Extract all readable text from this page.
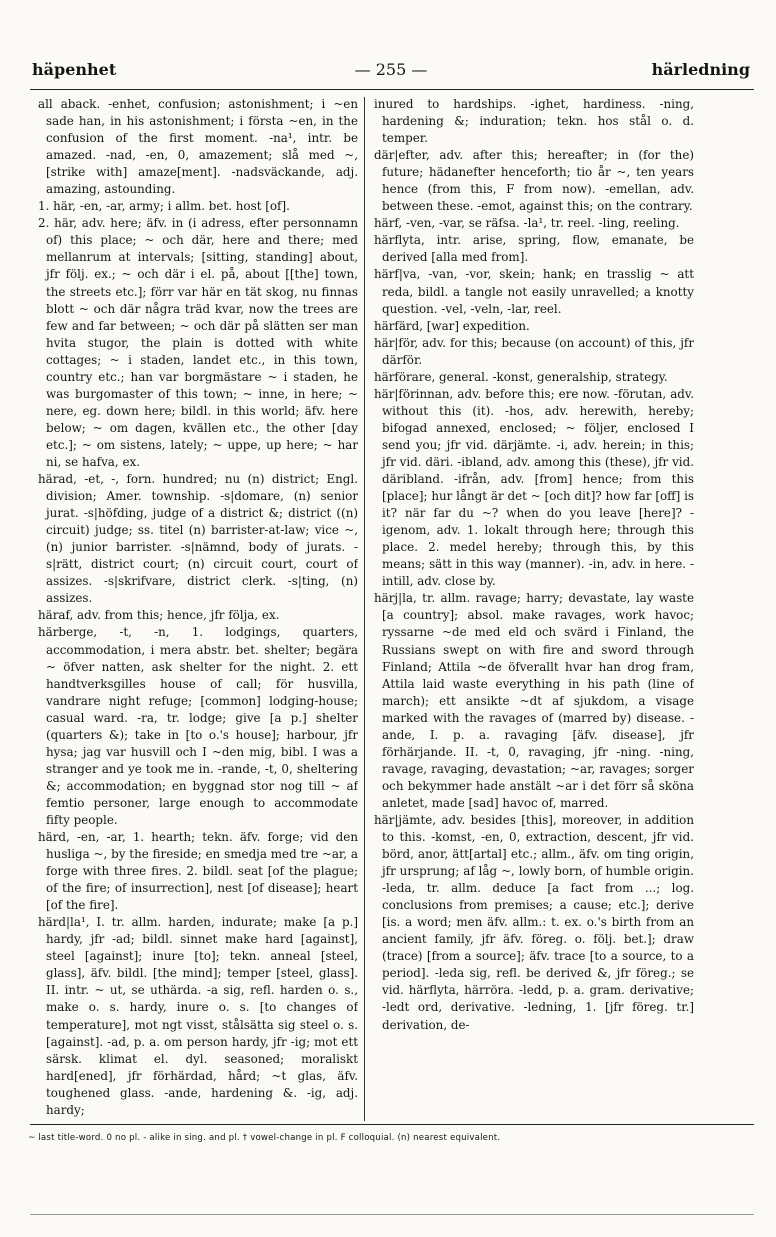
häpenhet	— 255 —	härledning

all aback. -enhet, confusion; astonishment; i ~en sade han, in his astonishment; i första ~en, in the confusion of the first moment. -na¹, intr. be amazed. -nad, -en, 0, amazement; slå med ~, [strike with] amaze[ment]. -nadsväckande, adj. amazing, astounding.

1. här, -en, -ar, army; i allm. bet. host [of].

2. här, adv. here; äfv. in (i adress, efter personnamn of) this place; ~ och där, here and there; med mellanrum at intervals; [sitting, standing] about, jfr följ. ex.; ~ och där i el. på, about [[the] town, the streets etc.]; förr var här en tät skog, nu finnas blott ~ och där några träd kvar, now the trees are few and far between; ~ och där på slätten ser man hvita stugor, the plain is dotted with white cottages; ~ i staden, landet etc., in this town, country etc.; han var borgmästare ~ i staden, he was burgomaster of this town; ~ inne, in here; ~ nere, eg. down here; bildl. in this world; äfv. here below; ~ om dagen, kvällen etc., the other [day etc.]; ~ om sistens, lately; ~ uppe, up here; ~ har ni, se hafva, ex.

härad, -et, -, forn. hundred; nu (n) district; Engl. division; Amer. township. -s|domare, (n) senior jurat. -s|höfding, judge of a district &; district ((n) circuit) judge; ss. titel (n) barrister-at-law; vice ~, (n) junior barrister. -s|nämnd, body of jurats. -s|rätt, district court; (n) circuit court, court of assizes. -s|skrifvare, district clerk. -s|ting, (n) assizes.

häraf, adv. from this; hence, jfr följa, ex.

härberge, -t, -n, 1. lodgings, quarters, accommodation, i mera abstr. bet. shelter; begära ~ öfver natten, ask shelter for the night. 2. ett handtverksgilles house of call; för husvilla, vandrare night refuge; [common] lodging-house; casual ward. -ra, tr. lodge; give [a p.] shelter (quarters &); take in [to o.'s house]; harbour, jfr hysa; jag var husvill och I ~den mig, bibl. I was a stranger and ye took me in. -rande, -t, 0, sheltering &; accommodation; en byggnad stor nog till ~ af femtio personer, large enough to accommodate fifty people.

härd, -en, -ar, 1. hearth; tekn. äfv. forge; vid den husliga ~, by the fireside; en smedja med tre ~ar, a forge with three fires. 2. bildl. seat [of the plague; of the fire; of insurrection], nest [of disease]; heart [of the fire].

härd|la¹, I. tr. allm. harden, indurate; make [a p.] hardy, jfr -ad; bildl. sinnet make hard [against], steel [against]; inure [to]; tekn. anneal [steel, glass], äfv. bildl. [the mind]; temper [steel, glass]. II. intr. ~ ut, se uthärda. -a sig, refl. harden o. s., make o. s. hardy, inure o. s. [to changes of temperature], mot ngt visst, stålsätta sig steel o. s. [against]. -ad, p. a. om person hardy, jfr -ig; mot ett särsk. klimat el. dyl. seasoned; moraliskt hard[ened], jfr förhärdad, hård; ~t glas, äfv. toughened glass. -ande, hardening &. -ig, adj. hardy;

inured to hardships. -ighet, hardiness. -ning, hardening &; induration; tekn. hos stål o. d. temper.

där|efter, adv. after this; hereafter; in (for the) future; hädanefter henceforth; tio år ~, ten years hence (from this, F from now). -emellan, adv. between these. -emot, against this; on the contrary.

härf, -ven, -var, se räfsa. -la¹, tr. reel. -ling, reeling.

härflyta, intr. arise, spring, flow, emanate, be derived [alla med from].

härf|va, -van, -vor, skein; hank; en trasslig ~ att reda, bildl. a tangle not easily unravelled; a knotty question. -vel, -veln, -lar, reel.

härfärd, [war] expedition.

här|för, adv. for this; because (on account) of this, jfr därför.

härförare, general. -konst, generalship, strategy.

här|förinnan, adv. before this; ere now. -förutan, adv. without this (it). -hos, adv. herewith, hereby; bifogad annexed, enclosed; ~ följer, enclosed I send you; jfr vid. därjämte. -i, adv. herein; in this; jfr vid. däri. -ibland, adv. among this (these), jfr vid. däribland. -ifrån, adv. [from] hence; from this [place]; hur långt är det ~ [och dit]? how far [off] is it? när far du ~? when do you leave [here]? -igenom, adv. 1. lokalt through here; through this place. 2. medel hereby; through this, by this means; sätt in this way (manner). -in, adv. in here. -intill, adv. close by.

härj|la, tr. allm. ravage; harry; devastate, lay waste [a country]; absol. make ravages, work havoc; ryssarne ~de med eld och svärd i Finland, the Russians swept on with fire and sword through Finland; Attila ~de öfverallt hvar han drog fram, Attila laid waste everything in his path (line of march); ett ansikte ~dt af sjukdom, a visage marked with the ravages of (marred by) disease. -ande, I. p. a. ravaging [äfv. disease], jfr förhärjande. II. -t, 0, ravaging, jfr -ning. -ning, ravage, ravaging, devastation; ~ar, ravages; sorger och bekymmer hade anstält ~ar i det förr så sköna anletet, made [sad] havoc of, marred.

här|jämte, adv. besides [this], moreover, in addition to this. -komst, -en, 0, extraction, descent, jfr vid. börd, anor, ätt[artal] etc.; allm., äfv. om ting origin, jfr ursprung; af låg ~, lowly born, of humble origin. -leda, tr. allm. deduce [a fact from ...; log. conclusions from premises; a cause; etc.]; derive [is. a word; men äfv. allm.: t. ex. o.'s birth from an ancient family, jfr äfv. föreg. o. följ. bet.]; draw (trace) [from a source]; äfv. trace [to a source, to a period]. -leda sig, refl. be derived &, jfr föreg.; se vid. härflyta, härröra. -ledd, p. a. gram. derivative; -ledt ord, derivative. -ledning, 1. [jfr föreg. tr.] derivation, de-

~ last title-word. 0 no pl. - alike in sing. and pl. † vowel-change in pl. F colloquial. (n) nearest equivalent.
